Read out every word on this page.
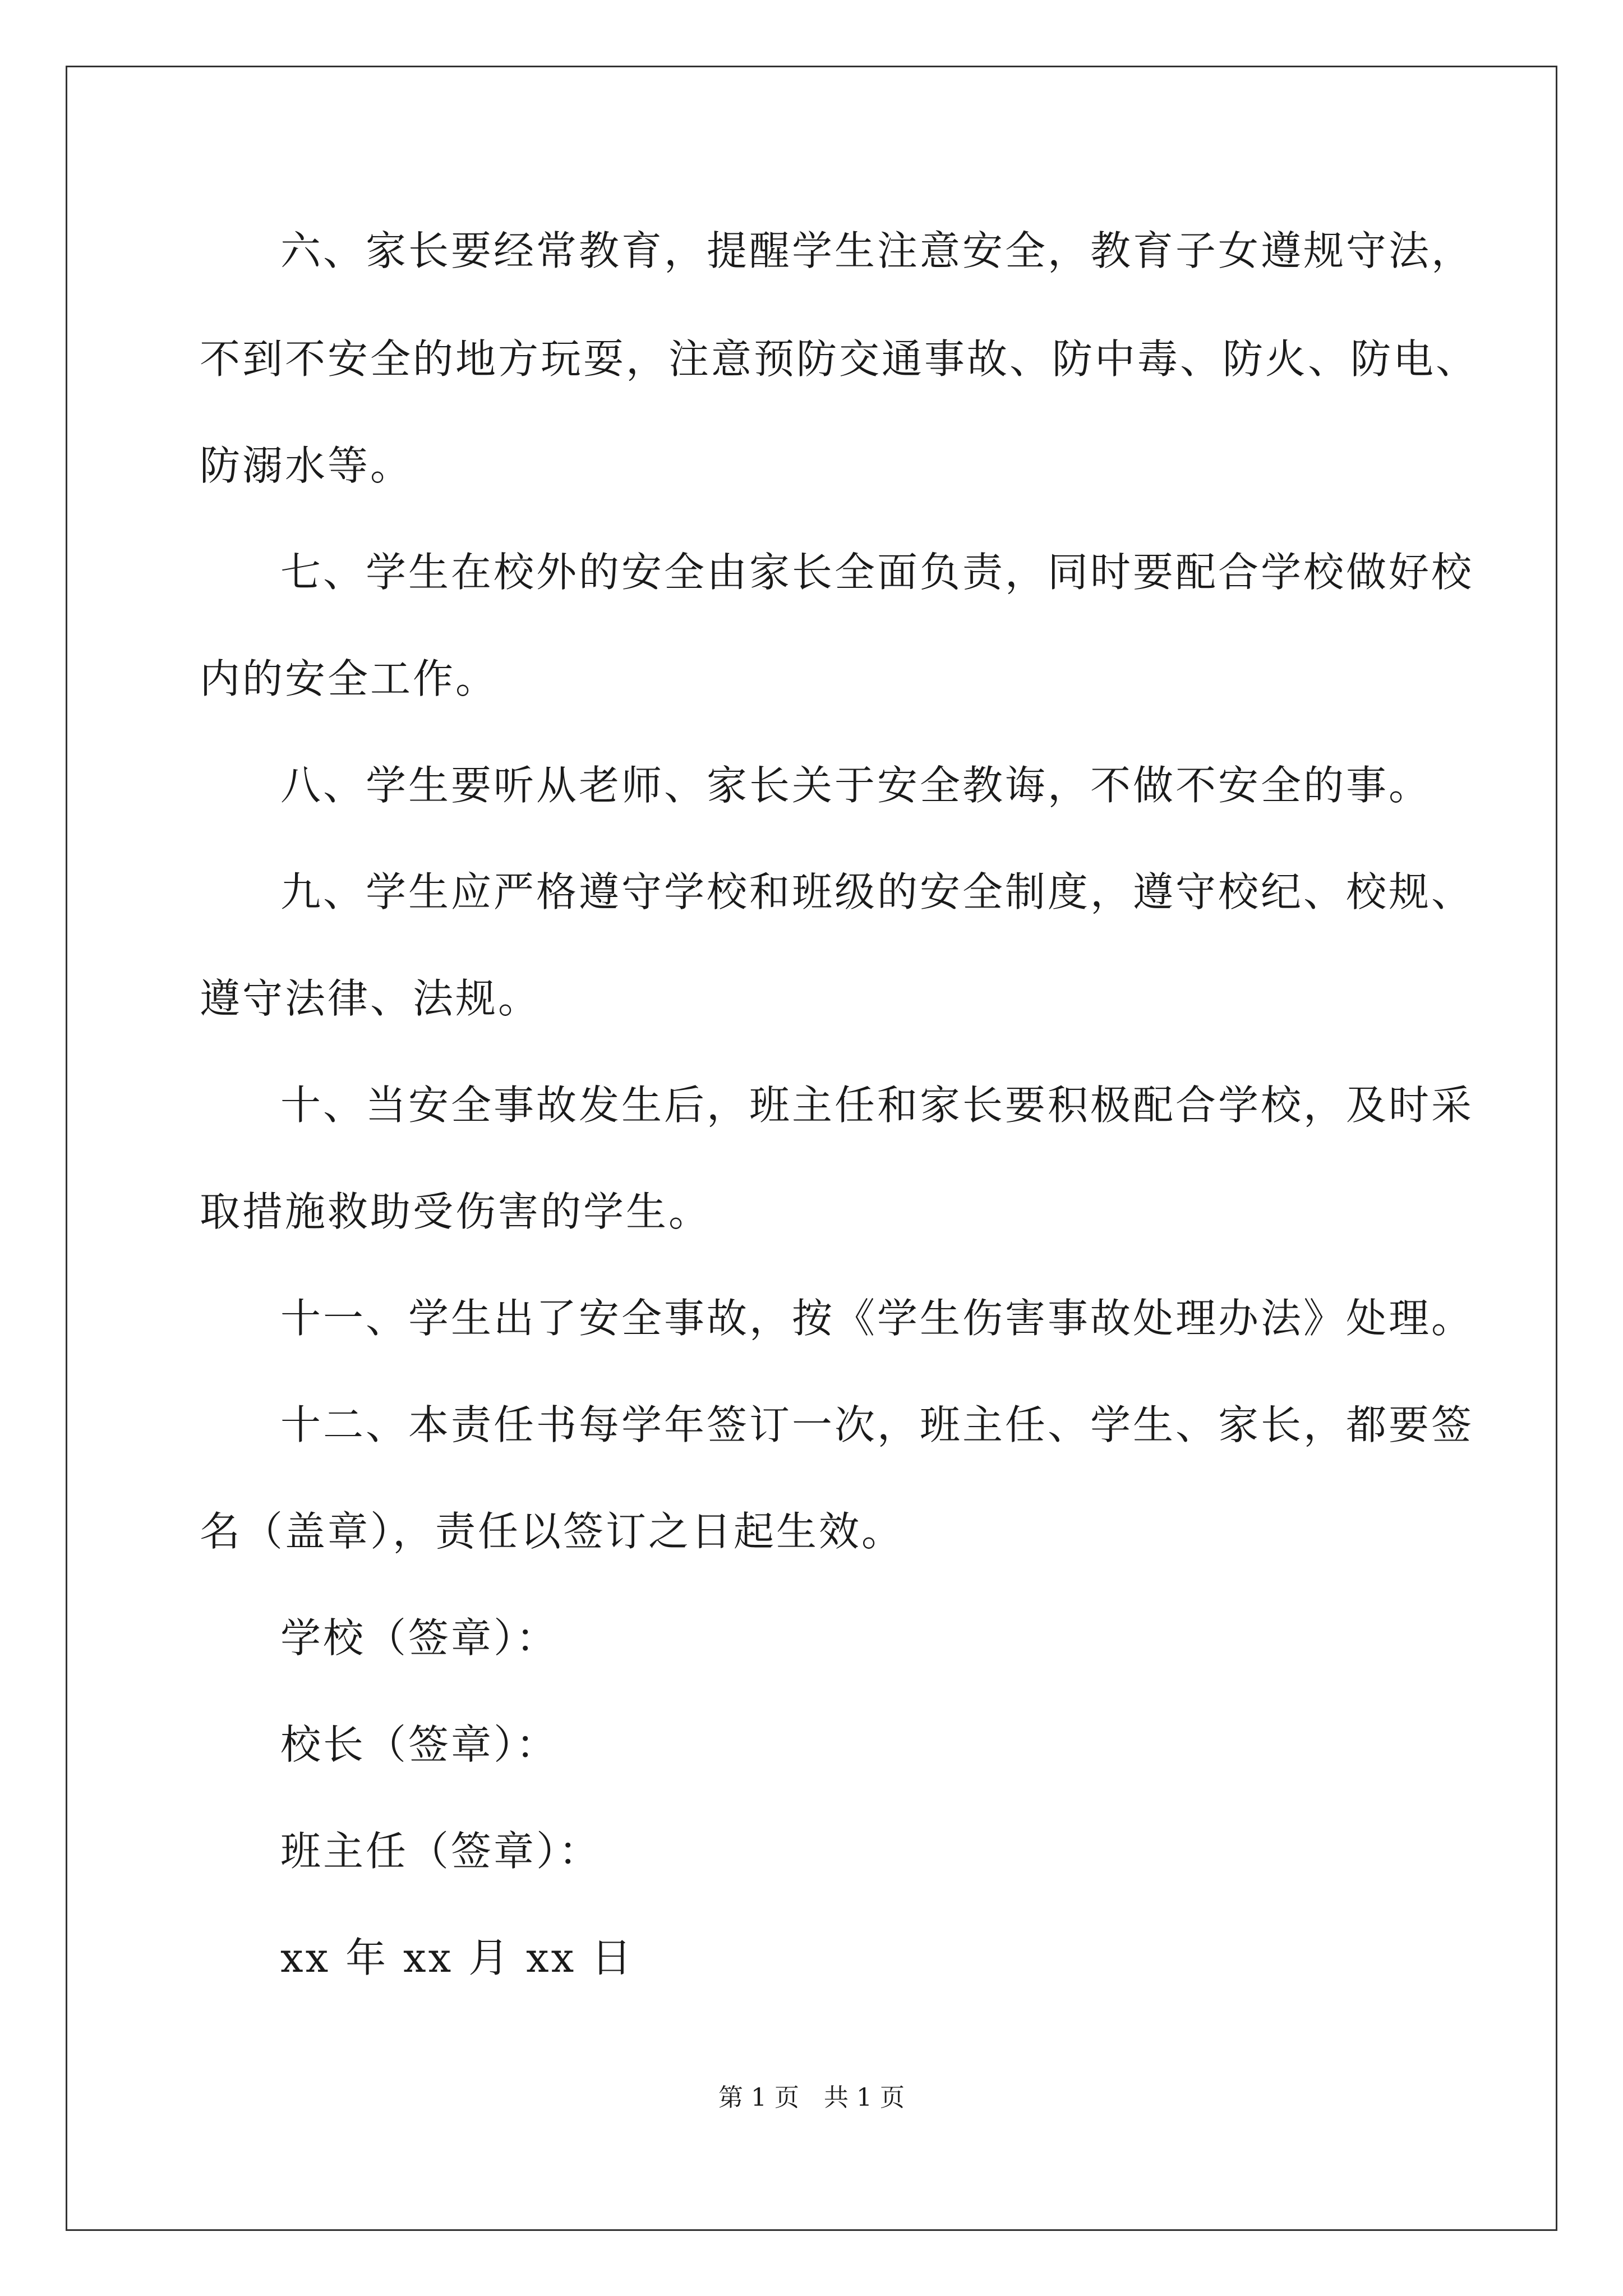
六、家长要经常教育，提醒学生注意安全，教育子女遵规守法，
不到不安全的地方玩耍，注意预防交通事故、防中毒、防火、防电、
防溺水等。
七、学生在校外的安全由家长全面负责，同时要配合学校做好校
内的安全工作。
八、学生要听从老师、家长关于安全教诲，不做不安全的事。
九、学生应严格遵守学校和班级的安全制度，遵守校纪、校规、
遵守法律、法规。
十、当安全事故发生后，班主任和家长要积极配合学校，及时采
取措施救助受伤害的学生。
十一、学生出了安全事故，按《学生伤害事故处理办法》处理。
十二、本责任书每学年签订一次，班主任、学生、家长，都要签
名（盖章），责任以签订之日起生效。
学校（签章）：
校长（签章）：
班主任（签章）：
xx 年 xx 月 xx 日
第 1 页　共 1 页
